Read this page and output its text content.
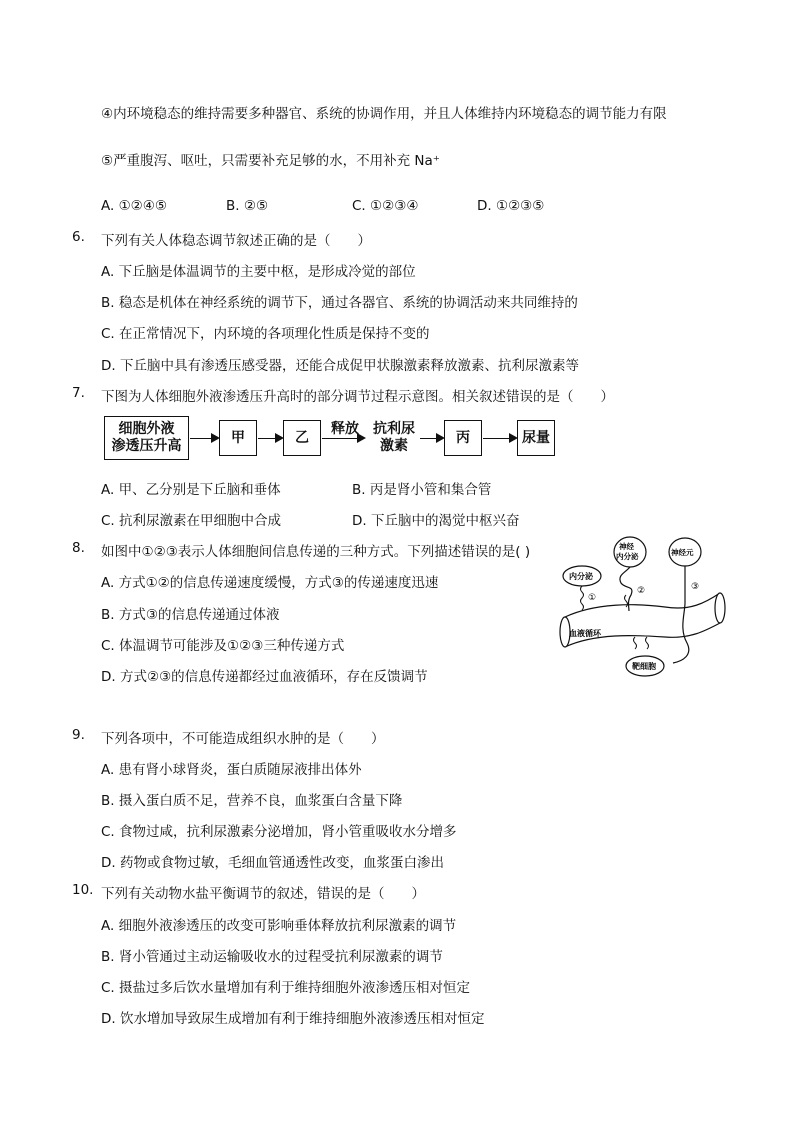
④内环境稳态的维持需要多种器官、系统的协调作用，并且人体维持内环境稳态的调节能力有限
⑤严重腹泻、呕吐，只需要补充足够的水，不用补充 Na⁺
A. ①②④⑤	B. ②⑤	C. ①②③④	D. ①②③⑤
6. 下列有关人体稳态调节叙述正确的是（　　）
A. 下丘脑是体温调节的主要中枢，是形成冷觉的部位
B. 稳态是机体在神经系统的调节下，通过各器官、系统的协调活动来共同维持的
C. 在正常情况下，内环境的各项理化性质是保持不变的
D. 下丘脑中具有渗透压感受器，还能合成促甲状腺激素释放激素、抗利尿激素等
7. 下图为人体细胞外液渗透压升高时的部分调节过程示意图。相关叙述错误的是（　　）
细胞外液
渗透压升高
甲	乙
释放	抗利尿
激素
丙	尿量
A. 甲、乙分别是下丘脑和垂体	B. 丙是肾小管和集合管
C. 抗利尿激素在甲细胞中合成	D. 下丘脑中的渴觉中枢兴奋
8. 如图中①②③表示人体细胞间信息传递的三种方式。下列描述错误的是( )
A. 方式①②的信息传递速度缓慢，方式③的传递速度迅速
B. 方式③的信息传递通过体液
C. 体温调节可能涉及①②③三种传递方式
D. 方式②③的信息传递都经过血液循环，存在反馈调节
血液循环
内分泌
①
神经
内分泌
②
神经元
③
靶细胞
9. 下列各项中，不可能造成组织水肿的是（　　）
A. 患有肾小球肾炎，蛋白质随尿液排出体外
B. 摄入蛋白质不足，营养不良，血浆蛋白含量下降
C. 食物过咸，抗利尿激素分泌增加，肾小管重吸收水分增多
D. 药物或食物过敏，毛细血管通透性改变，血浆蛋白渗出
10. 下列有关动物水盐平衡调节的叙述，错误的是（　　）
A. 细胞外液渗透压的改变可影响垂体释放抗利尿激素的调节
B. 肾小管通过主动运输吸收水的过程受抗利尿激素的调节
C. 摄盐过多后饮水量增加有利于维持细胞外液渗透压相对恒定
D. 饮水增加导致尿生成增加有利于维持细胞外液渗透压相对恒定
